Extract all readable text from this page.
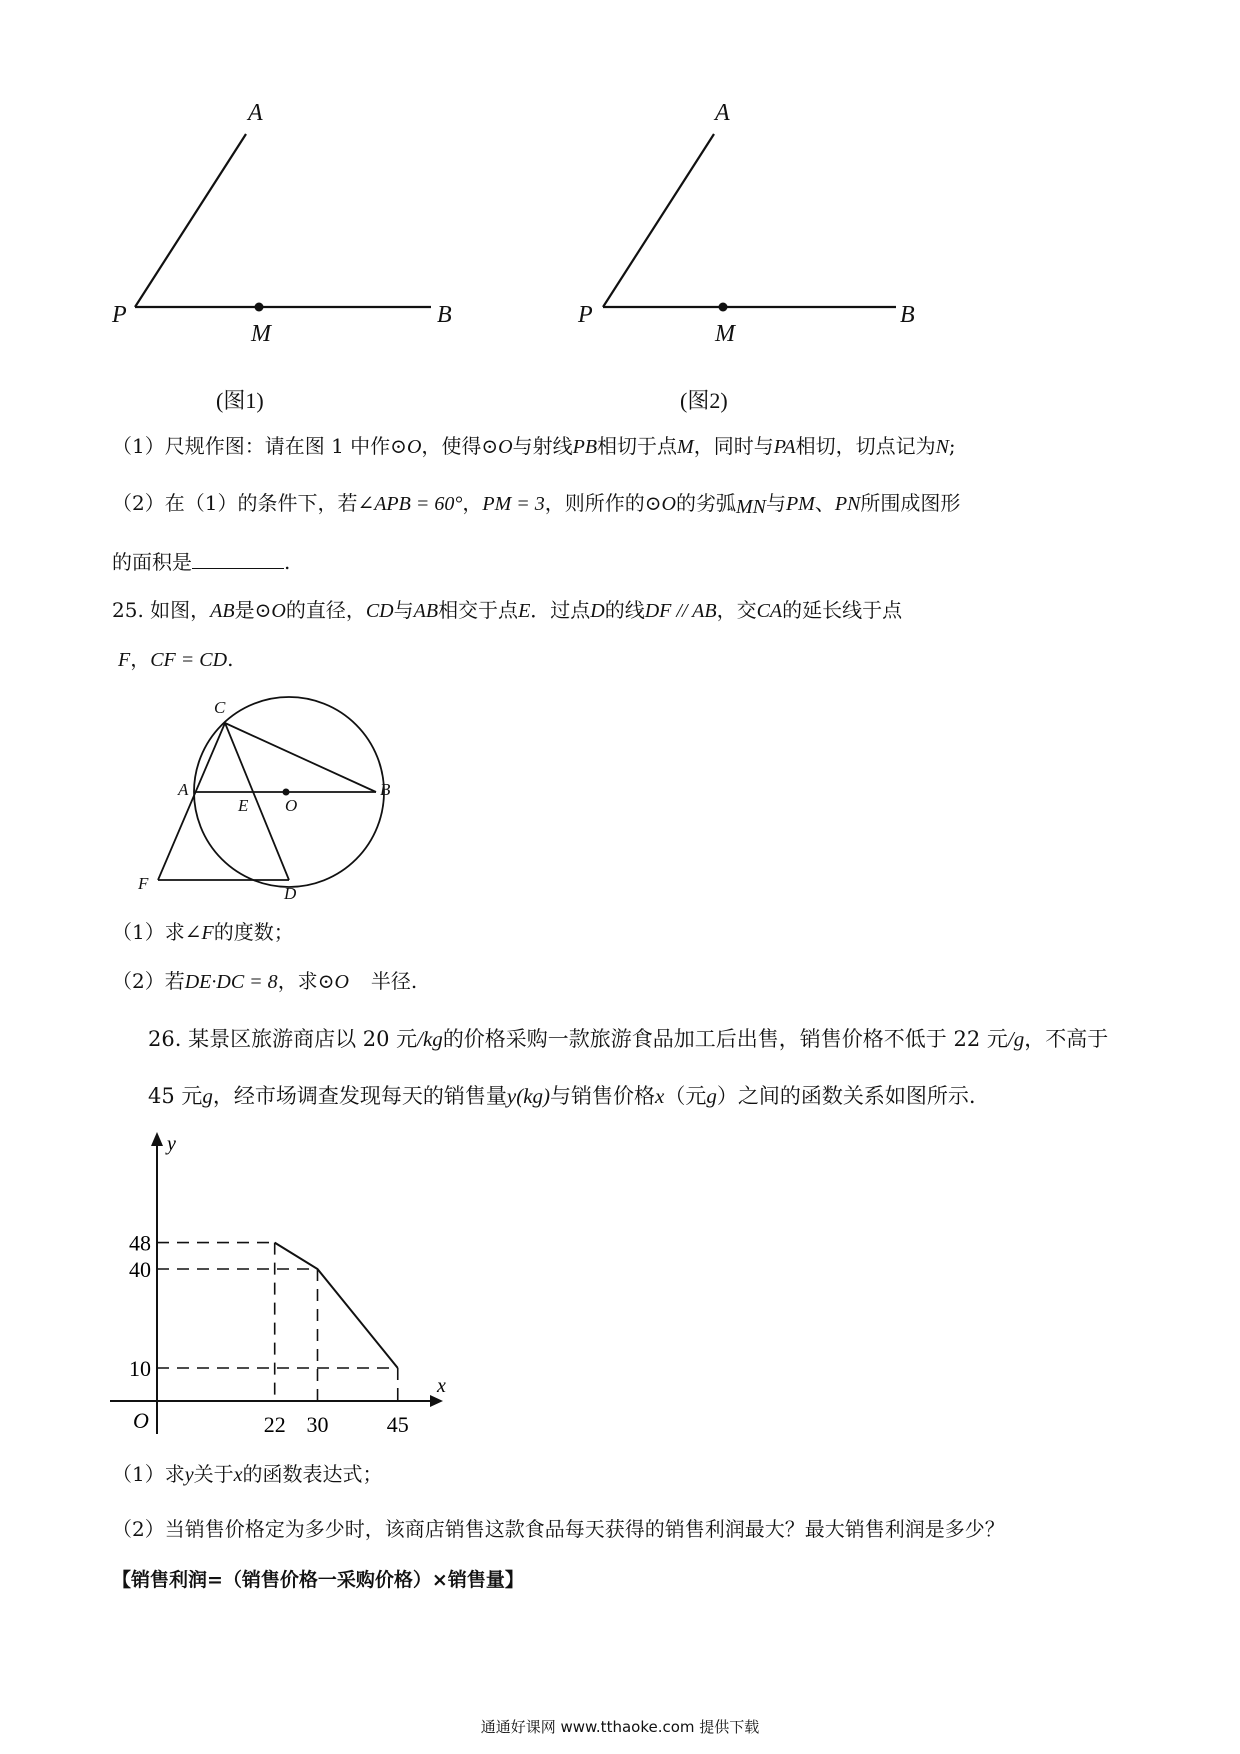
A
P
M
B
(图1)
A
P
M
B
(图2)
（1）尺规作图：请在图 1 中作⊙O，使得⊙O与射线PB相切于点M，同时与PA相切，切点记为N;
（2）在（1）的条件下，若∠APB = 60°，PM = 3，则所作的⊙O的劣弧MN与PM、PN所围成图形
的面积是	.
25. 如图，AB是⊙O的直径，CD与AB相交于点E．过点D的线DF // AB，交CA的延长线于点
F，CF = CD.
C
A
E O
B
F
D
（1）求∠F的度数；
（2）若DE·DC = 8，求⊙O 半径.
26. 某景区旅游商店以 20 元/kg的价格采购一款旅游食品加工后出售，销售价格不低于 22 元/g，不高于
45 元g，经市场调查发现每天的销售量y(kg)与销售价格x（元g）之间的函数关系如图所示.
x
y
O	22 30	45
48
40
10
（1）求y关于x的函数表达式；
（2）当销售价格定为多少时，该商店销售这款食品每天获得的销售利润最大？最大销售利润是多少？
【销售利润=（销售价格一采购价格）×销售量】
通通好课网 www.tthaoke.com 提供下载
